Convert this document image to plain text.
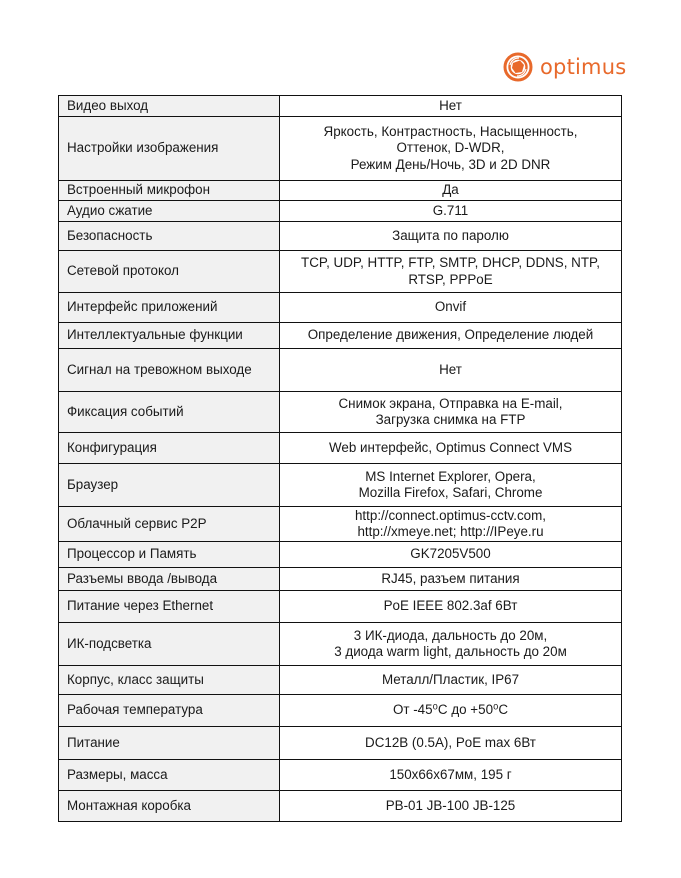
optimus
Видео выход	Нет

Настройки изображения	Яркость, Контрастность, Насыщенность,
Оттенок, D-WDR,
Режим День/Ночь, 3D и 2D DNR

Встроенный микрофон	Да

Аудио сжатие	G.711

Безопасность	Защита по паролю

Сетевой протокол	TCP, UDP, HTTP, FTP, SMTP, DHCP, DDNS, NTP,
RTSP, PPPoE

Интерфейс приложений	Onvif

Интеллектуальные функции	Определение движения, Определение людей

Сигнал на тревожном выходе	Нет

Фиксация событий	Снимок экрана, Отправка на E-mail,
Загрузка снимка на FTP

Конфигурация	Web интерфейс, Optimus Connect VMS

Браузер	MS Internet Explorer, Opera,
Mozilla Firefox, Safari, Chrome

Облачный сервис P2P	http://connect.optimus-cctv.com,
http://xmeye.net; http://IPeye.ru

Процессор и Память	GK7205V500

Разъемы ввода /вывода	RJ45, разъем питания

Питание через Ethernet	PoE IEEE 802.3af 6Вт

ИК-подсветка	3 ИК-диода, дальность до 20м,
3 диода warm light, дальность до 20м

Корпус, класс защиты	Металл/Пластик, IP67

Рабочая температура	От -45⁰С до +50⁰С

Питание	DC12В (0.5А), PoE max 6Вт

Размеры, масса	150x66x67мм, 195 г

Монтажная коробка	PB-01 JB-100 JB-125
